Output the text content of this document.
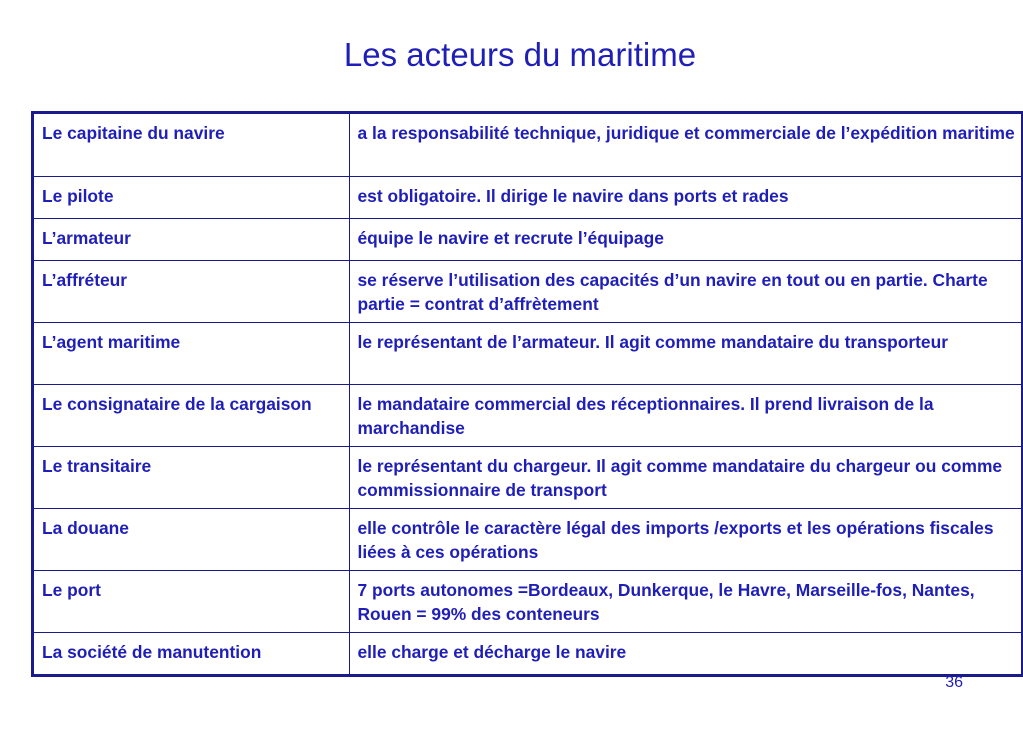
Les acteurs du maritime
Le capitaine du navire	a la responsabilité technique, juridique et commerciale de l’expédition maritime
Le pilote	est obligatoire. Il dirige le navire dans ports et rades
L’armateur	équipe le navire et recrute l’équipage
L’affréteur	se réserve l’utilisation des capacités d’un navire en tout ou en partie. Charte partie = contrat d’affrètement
L’agent maritime	le représentant de l’armateur. Il agit comme mandataire du transporteur
Le consignataire de la cargaison	le mandataire commercial des réceptionnaires. Il prend livraison de la marchandise
Le transitaire	le représentant du chargeur. Il agit comme mandataire du chargeur ou comme commissionnaire de transport
La douane	elle contrôle le caractère légal des imports /exports et les opérations fiscales liées à ces opérations
Le port	7 ports autonomes =Bordeaux, Dunkerque, le Havre, Marseille-fos, Nantes, Rouen = 99% des conteneurs
La société de manutention	elle charge et décharge le navire
36
